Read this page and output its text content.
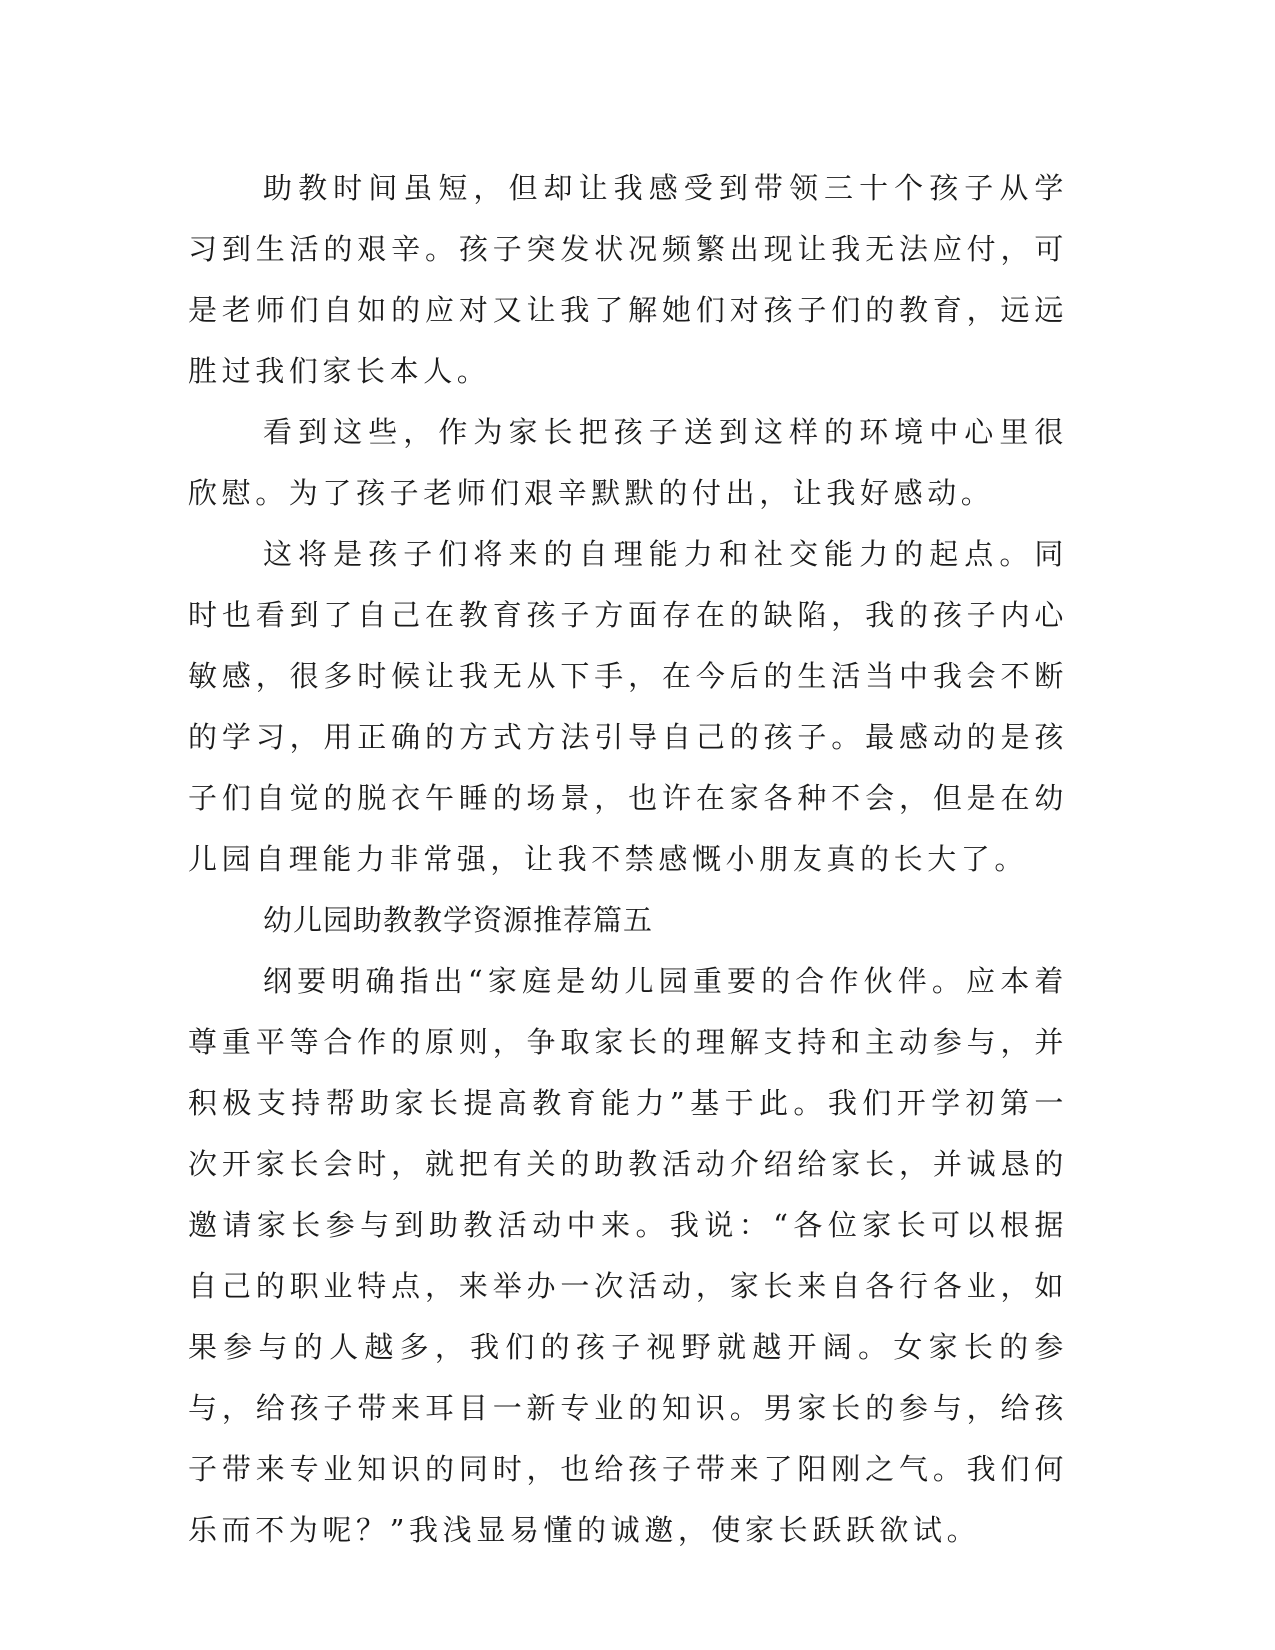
助教时间虽短，但却让我感受到带领三十个孩子从学习到生活的艰辛。孩子突发状况频繁出现让我无法应付，可是老师们自如的应对又让我了解她们对孩子们的教育，远远胜过我们家长本人。

看到这些，作为家长把孩子送到这样的环境中心里很欣慰。为了孩子老师们艰辛默默的付出，让我好感动。

这将是孩子们将来的自理能力和社交能力的起点。同时也看到了自己在教育孩子方面存在的缺陷，我的孩子内心敏感，很多时候让我无从下手，在今后的生活当中我会不断的学习，用正确的方式方法引导自己的孩子。最感动的是孩子们自觉的脱衣午睡的场景，也许在家各种不会，但是在幼儿园自理能力非常强，让我不禁感慨小朋友真的长大了。

幼儿园助教教学资源推荐篇五

纲要明确指出“家庭是幼儿园重要的合作伙伴。应本着尊重平等合作的原则，争取家长的理解支持和主动参与，并积极支持帮助家长提高教育能力”基于此。我们开学初第一次开家长会时，就把有关的助教活动介绍给家长，并诚恳的邀请家长参与到助教活动中来。我说：“各位家长可以根据自己的职业特点，来举办一次活动，家长来自各行各业，如果参与的人越多，我们的孩子视野就越开阔。女家长的参与，给孩子带来耳目一新专业的知识。男家长的参与，给孩子带来专业知识的同时，也给孩子带来了阳刚之气。我们何乐而不为呢？”我浅显易懂的诚邀，使家长跃跃欲试。
